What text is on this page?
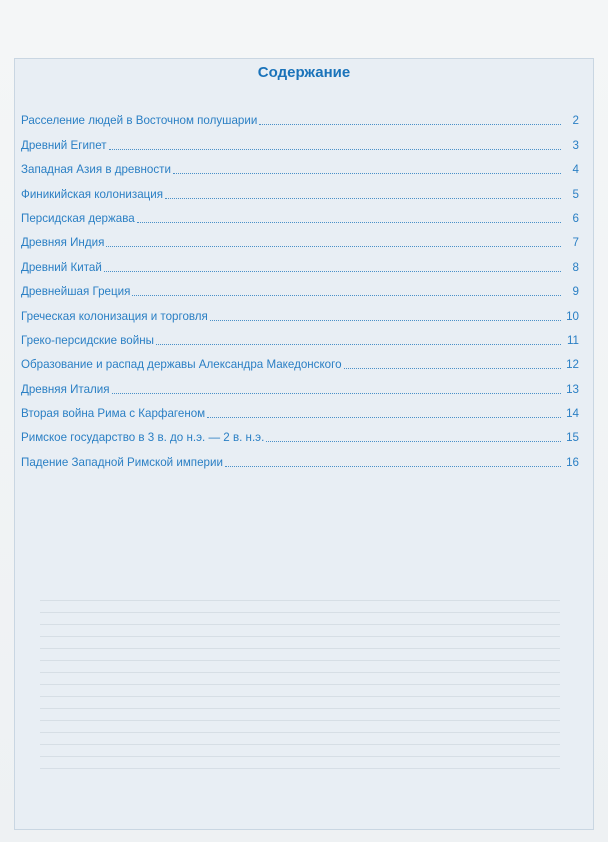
Содержание
Расселение людей в Восточном полушарии	2
Древний Египет	3
Западная Азия в древности	4
Финикийская колонизация	5
Персидская держава	6
Древняя Индия	7
Древний Китай	8
Древнейшая Греция	9
Греческая колонизация и торговля	10
Греко-персидские войны	11
Образование и распад державы Александра Македонского	12
Древняя Италия	13
Вторая война Рима с Карфагеном	14
Римское государство в 3 в. до н.э. — 2 в. н.э.	15
Падение Западной Римской империи	16
